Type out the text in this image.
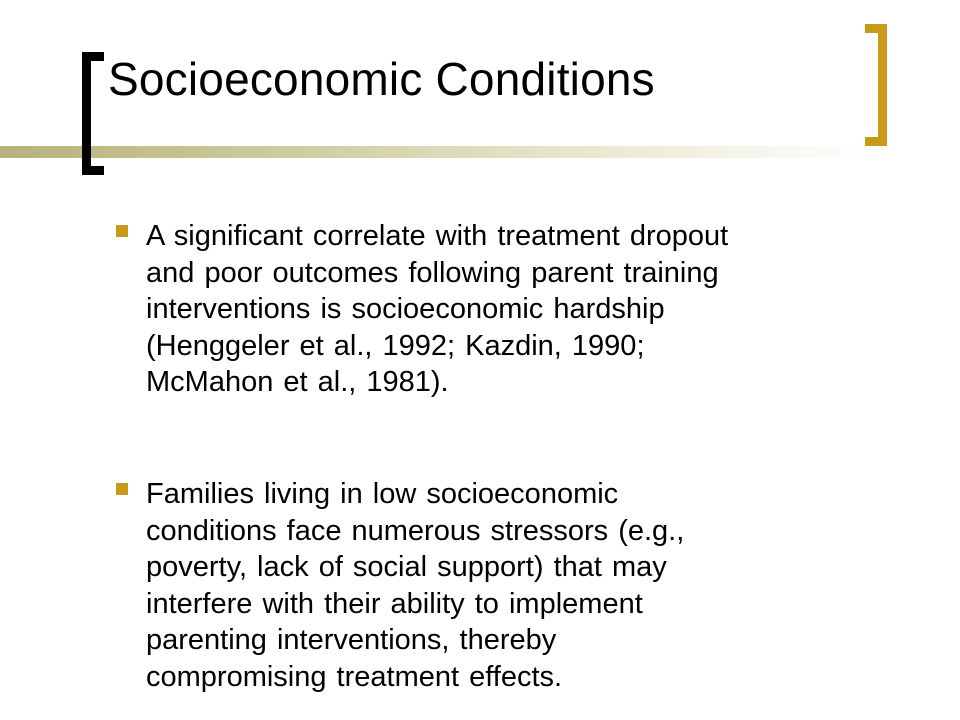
Socioeconomic Conditions
A significant correlate with treatment dropout
and poor outcomes following parent training
interventions is socioeconomic hardship
(Henggeler et al., 1992; Kazdin, 1990;
McMahon et al., 1981).
Families living in low socioeconomic
conditions face numerous stressors (e.g.,
poverty, lack of social support) that may
interfere with their ability to implement
parenting interventions, thereby
compromising treatment effects.
